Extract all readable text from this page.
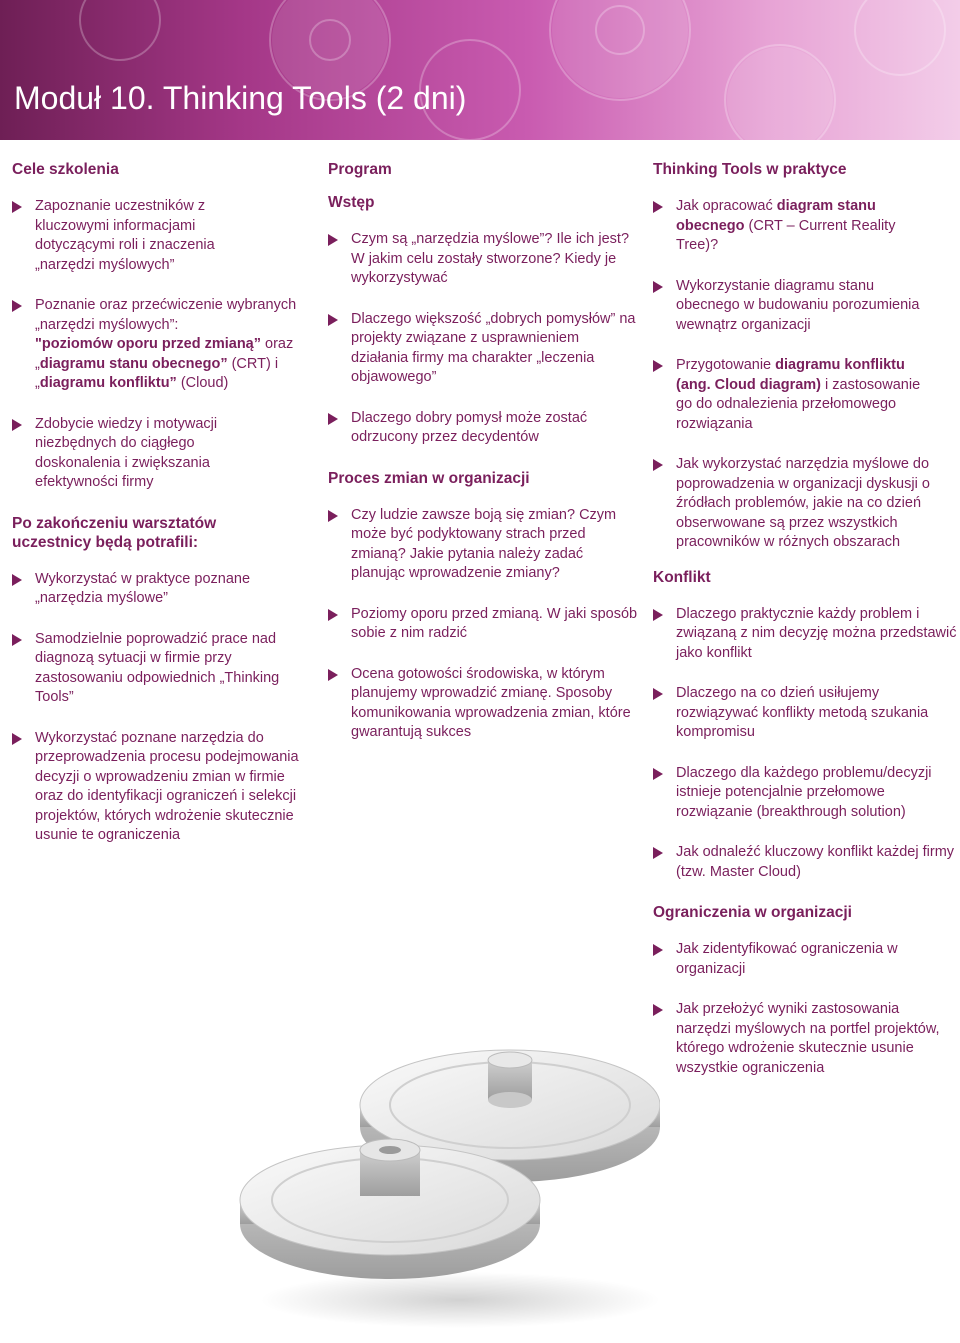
Moduł 10. Thinking Tools (2 dni)
Cele szkolenia
Zapoznanie uczestników z kluczowymi informacjami dotyczącymi roli i znaczenia „narzędzi myślowych”
Poznanie oraz przećwiczenie wybranych „narzędzi myślowych”:
"poziomów oporu przed zmianą” oraz „diagramu stanu obecnego” (CRT) i „diagramu konfliktu” (Cloud)
Zdobycie wiedzy i motywacji niezbędnych do ciągłego doskonalenia i zwiększania efektywności firmy
Po zakończeniu warsztatów uczestnicy będą potrafili:
Wykorzystać w praktyce poznane „narzędzia myślowe”
Samodzielnie poprowadzić prace nad diagnozą sytuacji w firmie przy zastosowaniu odpowiednich „Thinking Tools”
Wykorzystać poznane narzędzia do przeprowadzenia procesu podejmowania decyzji o wprowadzeniu zmian w firmie oraz do identyfikacji ograniczeń i selekcji projektów, których wdrożenie skutecznie usunie te ograniczenia
Program
Wstęp
Czym są „narzędzia myślowe”? Ile ich jest? W jakim celu zostały stworzone? Kiedy je wykorzystywać
Dlaczego większość „dobrych pomysłów” na projekty związane z usprawnieniem działania firmy ma charakter „leczenia objawowego”
Dlaczego dobry pomysł może zostać odrzucony przez decydentów
Proces zmian w organizacji
Czy ludzie zawsze boją się zmian? Czym może być podyktowany strach przed zmianą? Jakie pytania należy zadać planując wprowadzenie zmiany?
Poziomy oporu przed zmianą. W jaki sposób sobie z nim radzić
Ocena gotowości środowiska, w którym planujemy wprowadzić zmianę. Sposoby komunikowania wprowadzenia zmian, które gwarantują sukces
Thinking Tools w praktyce
Jak opracować diagram stanu obecnego (CRT – Current Reality Tree)?
Wykorzystanie diagramu stanu obecnego w budowaniu porozumienia wewnątrz organizacji
Przygotowanie diagramu konfliktu (ang. Cloud diagram) i zastosowanie go do odnalezienia przełomowego rozwiązania
Jak wykorzystać narzędzia myślowe do poprowadzenia w organizacji dyskusji o źródłach problemów, jakie na co dzień obserwowane są przez wszystkich pracowników w różnych obszarach
Konflikt
Dlaczego praktycznie każdy problem i związaną z nim decyzję można przedstawić jako konflikt
Dlaczego na co dzień usiłujemy rozwiązywać konflikty metodą szukania kompromisu
Dlaczego dla każdego problemu/decyzji istnieje potencjalnie przełomowe rozwiązanie (breakthrough solution)
Jak odnaleźć kluczowy konflikt każdej firmy (tzw. Master Cloud)
Ograniczenia w organizacji
Jak zidentyfikować ograniczenia w organizacji
Jak przełożyć wyniki zastosowania narzędzi myślowych na portfel projektów, którego wdrożenie skutecznie usunie wszystkie ograniczenia
